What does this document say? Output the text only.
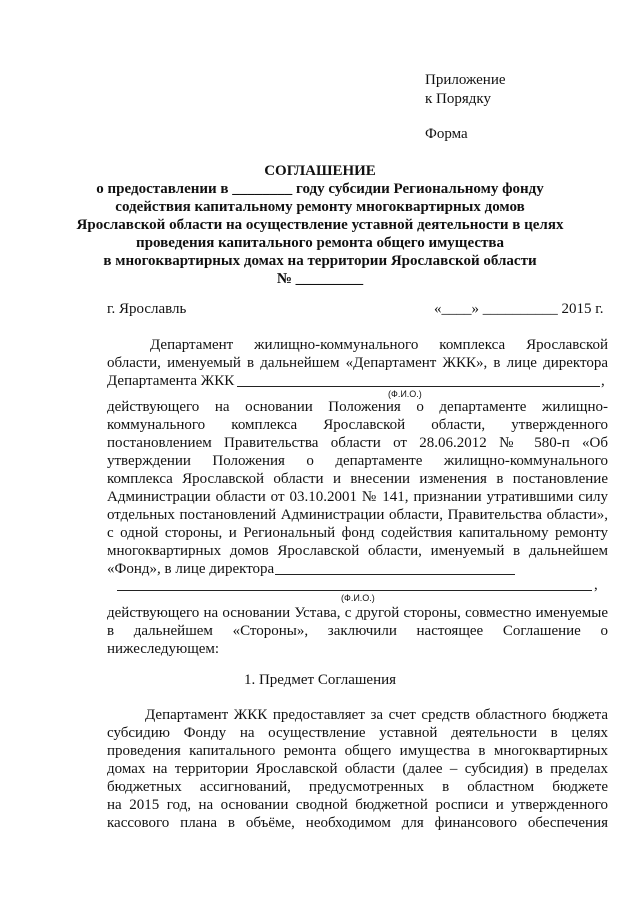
Приложение
к Порядку
Форма
СОГЛАШЕНИЕ
о предоставлении в ________ году субсидии Региональному фонду
содействия капитальному ремонту многоквартирных домов
Ярославской области на осуществление уставной деятельности в целях
проведения капитального ремонта общего имущества
в многоквартирных домах на территории Ярославской области
№ _________
г. Ярославль	«____» __________ 2015 г.
Департамент жилищно-коммунального комплекса Ярославской
области, именуемый в дальнейшем «Департамент ЖКК», в лице директора
Департамента ЖКК	,
(Ф.И.О.)
действующего на основании Положения о департаменте жилищно-
коммунального комплекса Ярославской области, утвержденного
постановлением Правительства области от 28.06.2012 № 580-п «Об
утверждении Положения о департаменте жилищно-коммунального
комплекса Ярославской области и внесении изменения в постановление
Администрации области от 03.10.2001 № 141, признании утратившими силу
отдельных постановлений Администрации области, Правительства области»,
с одной стороны, и Региональный фонд содействия капитальному ремонту
многоквартирных домов Ярославской области, именуемый в дальнейшем
«Фонд», в лице директора
,
(Ф.И.О.)
действующего на основании Устава, с другой стороны, совместно именуемые
в дальнейшем «Стороны», заключили настоящее Соглашение о
нижеследующем:
1. Предмет Соглашения
Департамент ЖКК предоставляет за счет средств областного бюджета
субсидию Фонду на осуществление уставной деятельности в целях
проведения капитального ремонта общего имущества в многоквартирных
домах на территории Ярославской области (далее – субсидия) в пределах
бюджетных ассигнований, предусмотренных в областном бюджете
на 2015 год, на основании сводной бюджетной росписи и утвержденного
кассового плана в объёме, необходимом для финансового обеспечения
